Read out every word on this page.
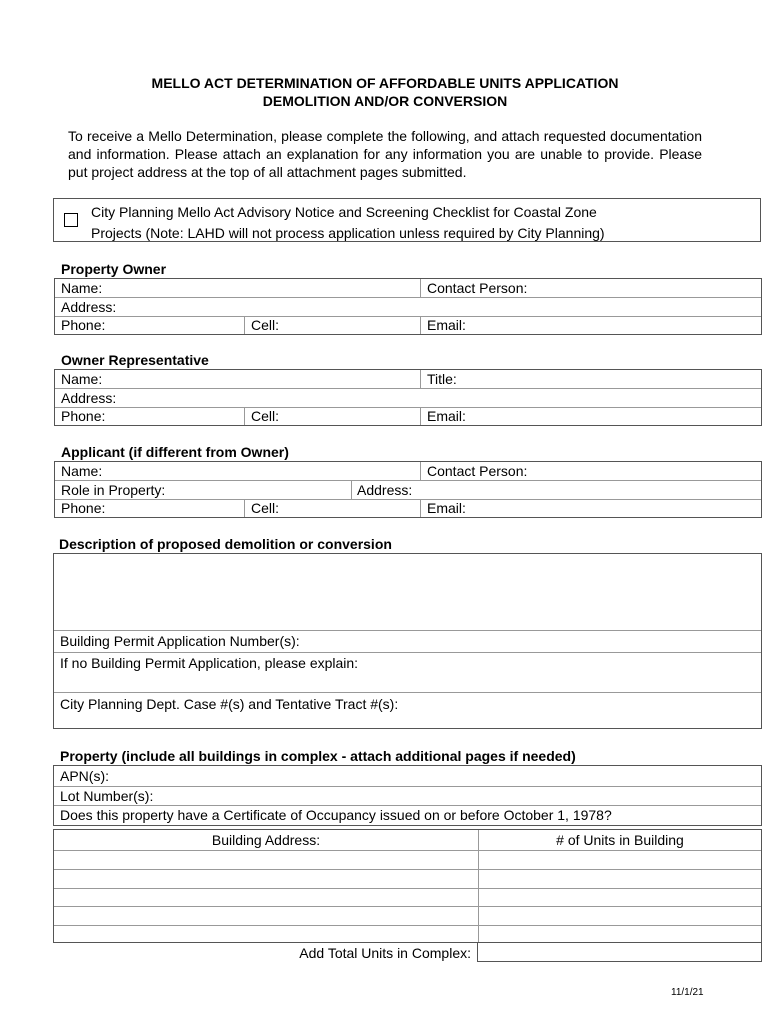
MELLO ACT DETERMINATION OF AFFORDABLE UNITS APPLICATION
DEMOLITION AND/OR CONVERSION
To receive a Mello Determination, please complete the following, and attach requested documentation and information. Please attach an explanation for any information you are unable to provide. Please put project address at the top of all attachment pages submitted.
City Planning Mello Act Advisory Notice and Screening Checklist for Coastal Zone
Projects (Note: LAHD will not process application unless required by City Planning)
Property Owner
Name:	Contact Person:
Address:
Phone:	Cell:	Email:
Owner Representative
Name:	Title:
Address:
Phone:	Cell:	Email:
Applicant (if different from Owner)
Name:	Contact Person:
Role in Property:	Address:
Phone:	Cell:	Email:
Description of proposed demolition or conversion
Building Permit Application Number(s):
If no Building Permit Application, please explain:
City Planning Dept. Case #(s) and Tentative Tract #(s):
Property (include all buildings in complex - attach additional pages if needed)
APN(s):
Lot Number(s):
Does this property have a Certificate of Occupancy issued on or before October 1, 1978?
Building Address:	# of Units in Building
Add Total Units in Complex:
11/1/21
